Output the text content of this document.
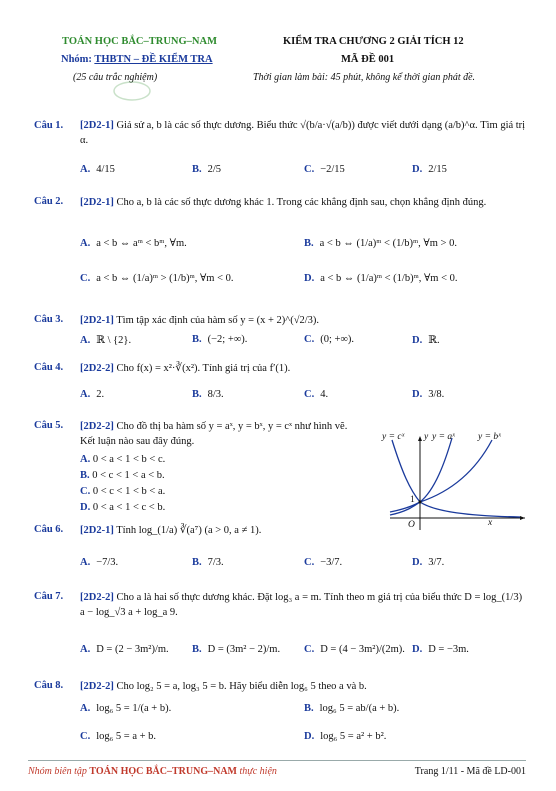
TOÁN HỌC BẮC–TRUNG–NAM
Nhóm: THBTN – ĐỀ KIỂM TRA
(25 câu trắc nghiệm)
KIỂM TRA CHƯƠNG 2 GIẢI TÍCH 12
MÃ ĐỀ 001
Thời gian làm bài: 45 phút, không kể thời gian phát đề.
Câu 1. [2D2-1] Giả sử a, b là các số thực dương. Biểu thức √(b/a·√(a/b)) được viết dưới dạng (a/b)^α. Tìm giá trị α.
A. 4/15	B. 2/5	C. −2/15	D. 2/15
Câu 2. [2D2-1] Cho a, b là các số thực dương khác 1. Trong các khẳng định sau, chọn khẳng định đúng.
A. a < b ⇔ aᵐ < bᵐ, ∀m.	B. a < b ⇔ (1/a)ᵐ < (1/b)ᵐ, ∀m > 0.
C. a < b ⇔ (1/a)ᵐ > (1/b)ᵐ, ∀m < 0.	D. a < b ⇔ (1/a)ᵐ < (1/b)ᵐ, ∀m < 0.
Câu 3. [2D2-1] Tìm tập xác định của hàm số y = (x + 2)^(√2/3).
A. ℝ \ {2}.	B. (−2; +∞).	C. (0; +∞).	D. ℝ.
Câu 4. [2D2-2] Cho f(x) = x²·∛(x²). Tính giá trị của f′(1).
A. 2.	B. 8/3.	C. 4.	D. 3/8.
Câu 5. [2D2-2] Cho đồ thị ba hàm số y = aˣ, y = bˣ, y = cˣ như hình vẽ. Kết luận nào sau đây đúng.
A. 0 < a < 1 < b < c.
B. 0 < c < 1 < a < b.
C. 0 < c < 1 < b < a.
D. 0 < a < 1 < c < b.
y = cˣ y y = aˣ y = bˣ
1
O	x
Câu 6. [2D2-1] Tính log_(1/a) ∛(a⁷) (a > 0, a ≠ 1).
A. −7/3.	B. 7/3.	C. −3/7.	D. 3/7.
Câu 7. [2D2-2] Cho a là hai số thực dương khác. Đặt log₃ a = m. Tính theo m giá trị của biểu thức D = log_(1/3) a − log_√3 a + log_a 9.
A. D = (2 − 3m²)/m. B. D = (3m² − 2)/m. C. D = (4 − 3m²)/(2m). D. D = −3m.
Câu 8. [2D2-2] Cho log₂ 5 = a, log₃ 5 = b. Hãy biểu diễn log₆ 5 theo a và b.
A. log₆ 5 = 1/(a + b).	B. log₆ 5 = ab/(a + b).
C. log₆ 5 = a + b.	D. log₆ 5 = a² + b².
Nhóm biên tập TOÁN HỌC BẮC–TRUNG–NAM thực hiện	Trang 1/11 - Mã đề LD-001
